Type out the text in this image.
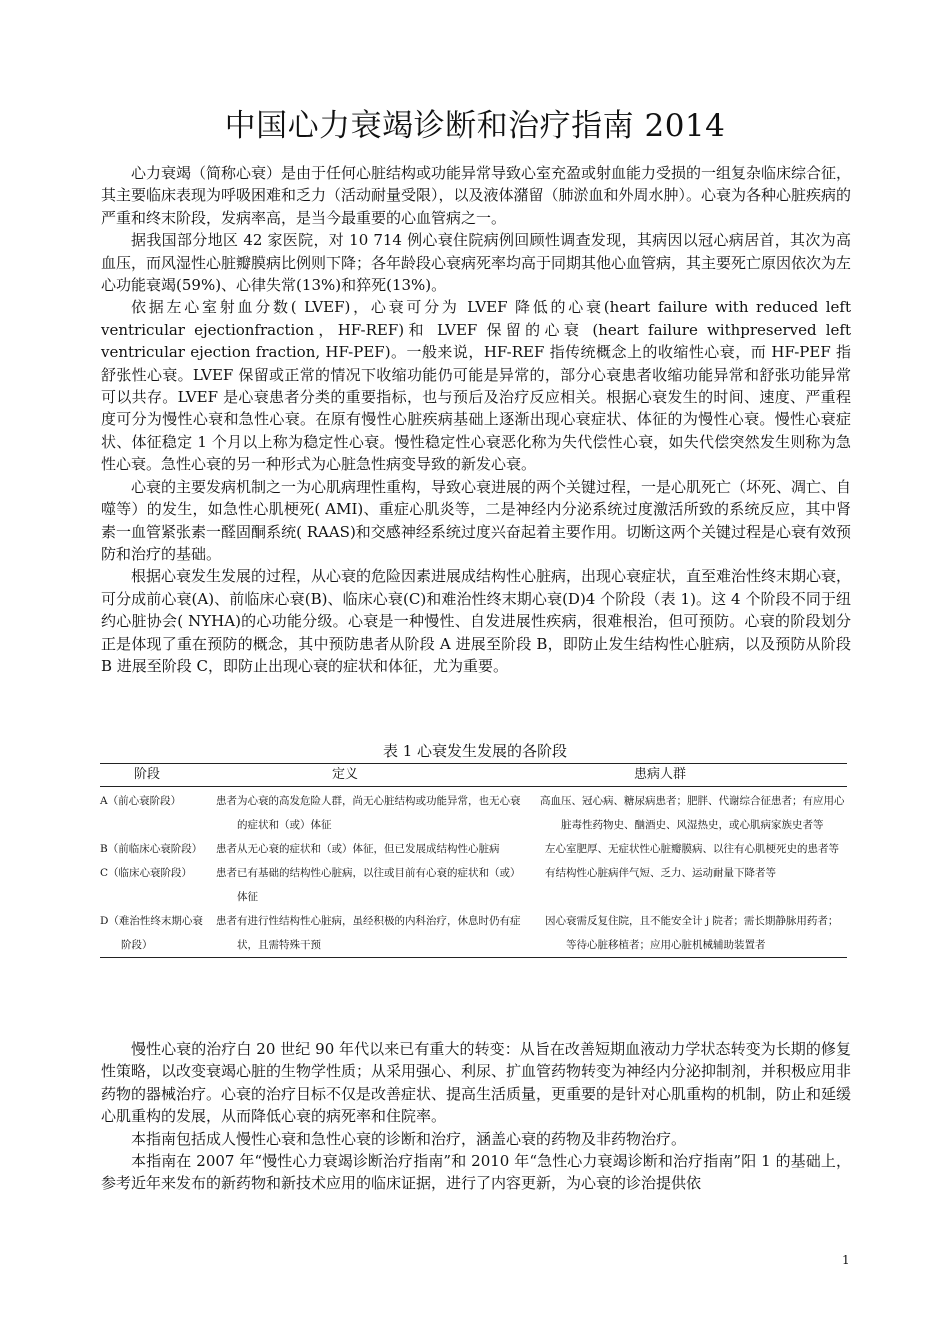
中国心力衰竭诊断和治疗指南 2014

心力衰竭（简称心衰）是由于任何心脏结构或功能异常导致心室充盈或射血能力受损的一组复杂临床综合征，其主要临床表现为呼吸困难和乏力（活动耐量受限），以及液体潴留（肺淤血和外周水肿）。心衰为各种心脏疾病的严重和终末阶段，发病率高，是当今最重要的心血管病之一。

据我国部分地区 42 家医院，对 10 714 例心衰住院病例回顾性调查发现，其病因以冠心病居首，其次为高血压，而风湿性心脏瓣膜病比例则下降；各年龄段心衰病死率均高于同期其他心血管病，其主要死亡原因依次为左心功能衰竭(59%)、心律失常(13%)和猝死(13%)。

依据左心室射血分数( LVEF)，心衰可分为 LVEF 降低的心衰(heart failure with reduced left ventricular ejectionfraction，HF-REF)和 LVEF 保留的心衰 (heart failure withpreserved left ventricular ejection fraction, HF-PEF)。一般来说，HF-REF 指传统概念上的收缩性心衰，而 HF-PEF 指舒张性心衰。LVEF 保留或正常的情况下收缩功能仍可能是异常的，部分心衰患者收缩功能异常和舒张功能异常可以共存。LVEF 是心衰患者分类的重要指标，也与预后及治疗反应相关。根据心衰发生的时间、速度、严重程度可分为慢性心衰和急性心衰。在原有慢性心脏疾病基础上逐渐出现心衰症状、体征的为慢性心衰。慢性心衰症状、体征稳定 1 个月以上称为稳定性心衰。慢性稳定性心衰恶化称为失代偿性心衰，如失代偿突然发生则称为急性心衰。急性心衰的另一种形式为心脏急性病变导致的新发心衰。

心衰的主要发病机制之一为心肌病理性重构，导致心衰进展的两个关键过程，一是心肌死亡（坏死、凋亡、自噬等）的发生，如急性心肌梗死( AMI)、重症心肌炎等，二是神经内分泌系统过度激活所致的系统反应，其中肾素一血管紧张素一醛固酮系统( RAAS)和交感神经系统过度兴奋起着主要作用。切断这两个关键过程是心衰有效预防和治疗的基础。

根据心衰发生发展的过程，从心衰的危险因素进展成结构性心脏病，出现心衰症状，直至难治性终末期心衰，可分成前心衰(A)、前临床心衰(B)、临床心衰(C)和难治性终末期心衰(D)4 个阶段（表 1)。这 4 个阶段不同于纽约心脏协会( NYHA)的心功能分级。心衰是一种慢性、自发进展性疾病，很难根治，但可预防。心衰的阶段划分正是体现了重在预防的概念，其中预防患者从阶段 A 进展至阶段 B，即防止发生结构性心脏病，以及预防从阶段 B 进展至阶段 C，即防止出现心衰的症状和体征，尤为重要。

表 1 心衰发生发展的各阶段
阶段	定义	患病人群

A（前心衰阶段）	患者为心衰的高发危险人群，尚无心脏结构或功能异常，也无心衰的症状和（或）体征	高血压、冠心病、糖尿病患者；肥胖、代谢综合征患者；有应用心脏毒性药物史、酗酒史、风湿热史，或心肌病家族史者等

B（前临床心衰阶段）	患者从无心衰的症状和（或）体征，但已发展成结构性心脏病	左心室肥厚、无症状性心脏瓣膜病、以往有心肌梗死史的患者等

C（临床心衰阶段）	患者已有基础的结构性心脏病，以往或目前有心衰的症状和（或）体征	有结构性心脏病伴气短、乏力、运动耐量下降者等

D（难治性终末期心衰阶段）	患者有进行性结构性心脏病，虽经积极的内科治疗，休息时仍有症状，且需特殊干预	因心衰需反复住院，且不能安全计 j 院者；需长期静脉用药者；等待心脏移植者；应用心脏机械辅助装置者

慢性心衰的治疗白 20 世纪 90 年代以来已有重大的转变：从旨在改善短期血液动力学状态转变为长期的修复性策略，以改变衰竭心脏的生物学性质；从采用强心、利尿、扩血管药物转变为神经内分泌抑制剂，并积极应用非药物的器械治疗。心衰的治疗目标不仅是改善症状、提高生活质量，更重要的是针对心肌重构的机制，防止和延缓心肌重构的发展，从而降低心衰的病死率和住院率。

本指南包括成人慢性心衰和急性心衰的诊断和治疗，涵盖心衰的药物及非药物治疗。

本指南在 2007 年“慢性心力衰竭诊断治疗指南”和 2010 年“急性心力衰竭诊断和治疗指南”阳 1 的基础上，参考近年来发布的新药物和新技术应用的临床证据，进行了内容更新，为心衰的诊治提供依

1
